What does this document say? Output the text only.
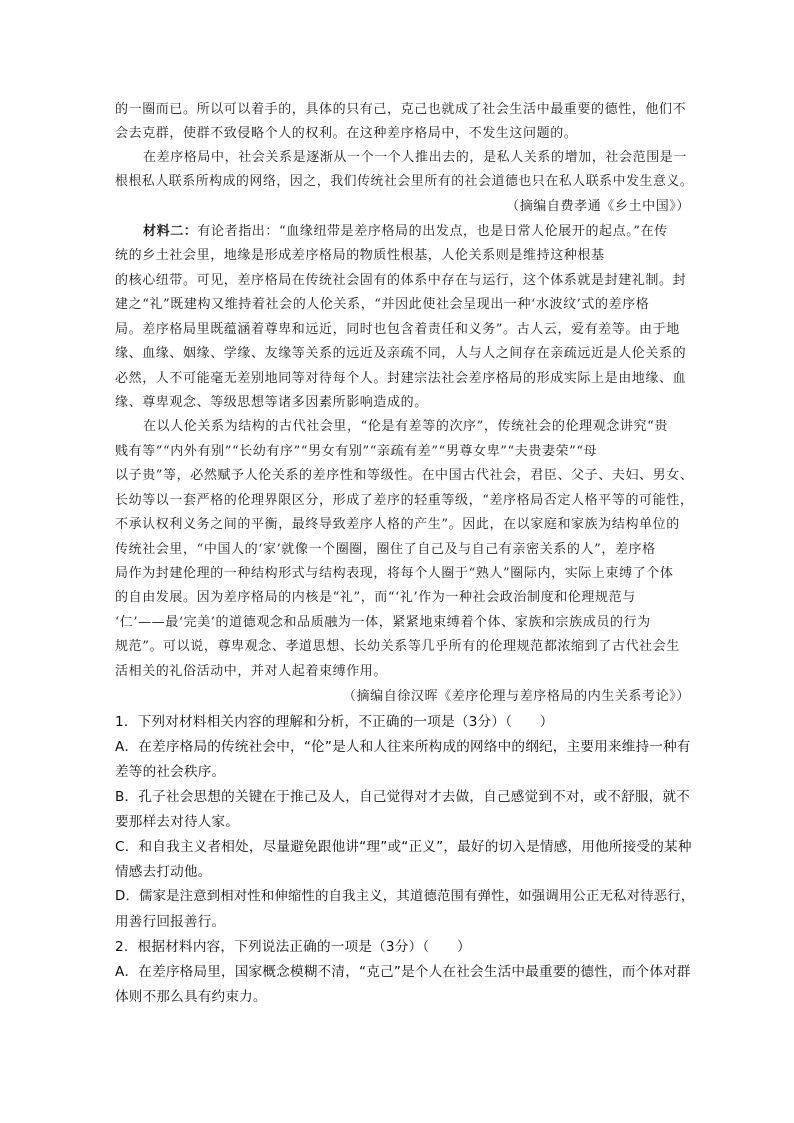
的一圈而已。所以可以着手的，具体的只有己，克己也就成了社会生活中最重要的德性，他们不

会去克群，使群不致侵略个人的权利。在这种差序格局中，不发生这问题的。

在差序格局中，社会关系是逐渐从一个一个人推出去的，是私人关系的增加，社会范围是一

根根私人联系所构成的网络，因之，我们传统社会里所有的社会道德也只在私人联系中发生意义。

（摘编自费孝通《乡土中国》）

材料二：有论者指出：“血缘纽带是差序格局的出发点，也是日常人伦展开的起点。”在传

统的乡土社会里，地缘是形成差序格局的物质性根基，人伦关系则是维持这种根基

的核心纽带。可见，差序格局在传统社会固有的体系中存在与运行，这个体系就是封建礼制。封

建之“礼”既建构又维持着社会的人伦关系，“并因此使社会呈现出一种‘水波纹’式的差序格

局。差序格局里既蕴涵着尊卑和远近，同时也包含着责任和义务”。古人云，爱有差等。由于地

缘、血缘、姻缘、学缘、友缘等关系的远近及亲疏不同，人与人之间存在亲疏远近是人伦关系的

必然，人不可能毫无差别地同等对待每个人。封建宗法社会差序格局的形成实际上是由地缘、血

缘、尊卑观念、等级思想等诸多因素所影响造成的。

在以人伦关系为结构的古代社会里，“伦是有差等的次序”，传统社会的伦理观念讲究“贵

贱有等”“内外有别”“长幼有序”“男女有别”“亲疏有差”“男尊女卑”“夫贵妻荣”“母

以子贵”等，必然赋予人伦关系的差序性和等级性。在中国古代社会，君臣、父子、夫妇、男女、

长幼等以一套严格的伦理界限区分，形成了差序的轻重等级，“差序格局否定人格平等的可能性，

不承认权利义务之间的平衡，最终导致差序人格的产生”。因此，在以家庭和家族为结构单位的

传统社会里，“中国人的‘家’就像一个圈圈，圈住了自己及与自己有亲密关系的人”，差序格

局作为封建伦理的一种结构形式与结构表现，将每个人圈于“熟人”圈际内，实际上束缚了个体

的自由发展。因为差序格局的内核是“礼”，而“‘礼’作为一种社会政治制度和伦理规范与

‘仁’——最‘完美’的道德观念和品质融为一体，紧紧地束缚着个体、家族和宗族成员的行为

规范”。可以说，尊卑观念、孝道思想、长幼关系等几乎所有的伦理规范都浓缩到了古代社会生

活相关的礼俗活动中，并对人起着束缚作用。

（摘编自徐汉晖《差序伦理与差序格局的内生关系考论》）

1．下列对材料相关内容的理解和分析，不正确的一项是（3分）（　　）

A．在差序格局的传统社会中，“伦”是人和人往来所构成的网络中的纲纪，主要用来维持一种有

差等的社会秩序。

B．孔子社会思想的关键在于推己及人，自己觉得对才去做，自己感觉到不对，或不舒服，就不

要那样去对待人家。

C．和自我主义者相处，尽量避免跟他讲“理”或“正义”，最好的切入是情感，用他所接受的某种

情感去打动他。

D．儒家是注意到相对性和伸缩性的自我主义，其道德范围有弹性，如强调用公正无私对待恶行，

用善行回报善行。

2．根据材料内容，下列说法正确的一项是（3分）（　　）

A．在差序格局里，国家概念模糊不清，“克己”是个人在社会生活中最重要的德性，而个体对群

体则不那么具有约束力。
